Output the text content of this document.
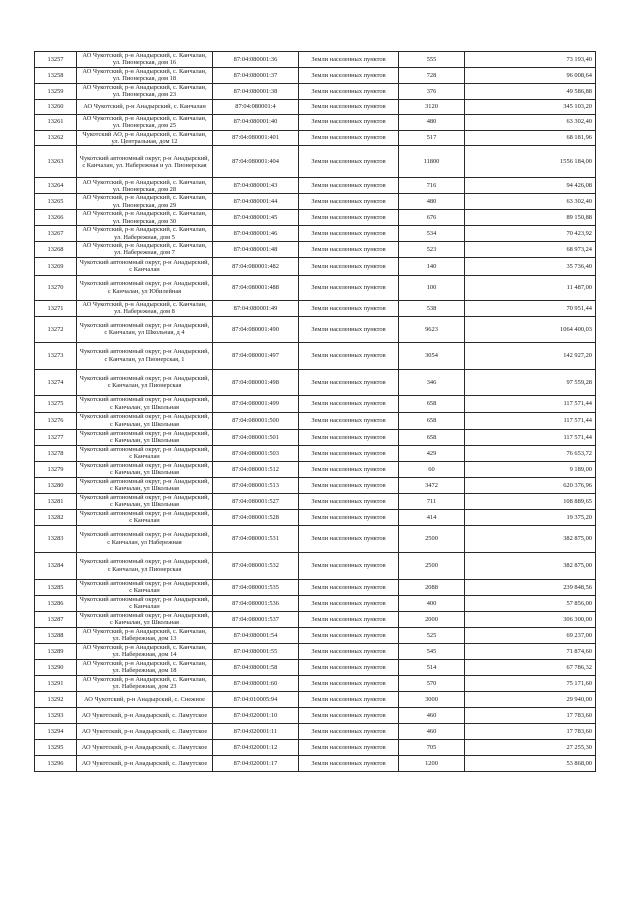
13257	АО Чукотский, р-н Анадырский, с. Канчалан, ул. Пионерская, дом 16	87:04:080001:36	Земли населенных пунктов	555	73 193,40
13258	АО Чукотский, р-н Анадырский, с. Канчалан, ул. Пионерская, дом 18	87:04:080001:37	Земли населенных пунктов	728	96 008,64
13259	АО Чукотский, р-н Анадырский, с. Канчалан, ул. Пионерская, дом 23	87:04:080001:38	Земли населенных пунктов	376	49 586,88
13260	АО Чукотский, р-н Анадырский, с. Канчалан	87:04:080001:4	Земли населенных пунктов	3120	345 103,20
13261	АО Чукотский, р-н Анадырский, с. Канчалан, ул. Пионерская, дом 25	87:04:080001:40	Земли населенных пунктов	480	63 302,40
13262	Чукотский АО, р-н Анадырский, с. Канчалан, ул. Центральная, дом 12	87:04:080001:401	Земли населенных пунктов	517	68 181,96
13263	Чукотский автономный округ, р-н Анадырский, с Канчалан, ул. Набережная и ул. Пионерская	87:04:080001:404	Земли населенных пунктов	11800	1556 184,00
13264	АО Чукотский, р-н Анадырский, с. Канчалан, ул. Пионерская, дом 28	87:04:080001:43	Земли населенных пунктов	716	94 426,08
13265	АО Чукотский, р-н Анадырский, с. Канчалан, ул. Пионерская, дом 29	87:04:080001:44	Земли населенных пунктов	480	63 302,40
13266	АО Чукотский, р-н Анадырский, с. Канчалан, ул. Пионерская, дом 30	87:04:080001:45	Земли населенных пунктов	676	89 150,88
13267	АО Чукотский, р-н Анадырский, с. Канчалан, ул. Набережная, дом 5	87:04:080001:46	Земли населенных пунктов	534	70 423,92
13268	АО Чукотский, р-н Анадырский, с. Канчалан, ул. Набережная, дом 7	87:04:080001:48	Земли населенных пунктов	523	68 973,24
13269	Чукотский автономный округ, р-н Анадырский, с Канчалан	87:04:080001:482	Земли населенных пунктов	140	35 736,40
13270	Чукотский автономный округ, р-н Анадырский, с Канчалан, ул Юбилейная	87:04:080001:488	Земли населенных пунктов	100	11 487,00
13271	АО Чукотский, р-н Анадырский, с. Канчалан, ул. Набережная, дом 8	87:04:080001:49	Земли населенных пунктов	538	70 951,44
13272	Чукотский автономный округ, р-н Анадырский, с Канчалан, ул Школьная, д 4	87:04:080001:490	Земли населенных пунктов	9623	1064 400,03
13273	Чукотский автономный округ, р-н Анадырский, с Канчалан, ул Пионерская, 1	87:04:080001:497	Земли населенных пунктов	3054	142 927,20
13274	Чукотский автономный округ, р-н Анадырский, с Канчалан, ул Пионерская	87:04:080001:498	Земли населенных пунктов	346	97 559,28
13275	Чукотский автономный округ, р-н Анадырский, с Канчалан, ул Школьная	87:04:080001:499	Земли населенных пунктов	658	117 571,44
13276	Чукотский автономный округ, р-н Анадырский, с Канчалан, ул Школьная	87:04:080001:500	Земли населенных пунктов	658	117 571,44
13277	Чукотский автономный округ, р-н Анадырский, с Канчалан, ул Школьная	87:04:080001:501	Земли населенных пунктов	658	117 571,44
13278	Чукотский автономный округ, р-н Анадырский, с Канчалан	87:04:080001:503	Земли населенных пунктов	429	76 653,72
13279	Чукотский автономный округ, р-н Анадырский, с Канчалан, ул Школьная	87:04:080001:512	Земли населенных пунктов	60	9 189,00
13280	Чукотский автономный округ, р-н Анадырский, с Канчалан, ул Школьная	87:04:080001:513	Земли населенных пунктов	3472	620 376,96
13281	Чукотский автономный округ, р-н Анадырский, с Канчалан, ул Школьная	87:04:080001:527	Земли населенных пунктов	711	108 889,65
13282	Чукотский автономный округ, р-н Анадырский, с Канчалан	87:04:080001:528	Земли населенных пунктов	414	19 375,20
13283	Чукотский автономный округ, р-н Анадырский, с Канчалан, ул Набережная	87:04:080001:531	Земли населенных пунктов	2500	382 875,00
13284	Чукотский автономный округ, р-н Анадырский, с Канчалан, ул Пионерская	87:04:080001:532	Земли населенных пунктов	2500	382 875,00
13285	Чукотский автономный округ, р-н Анадырский, с Канчалан	87:04:080001:535	Земли населенных пунктов	2088	239 848,56
13286	Чукотский автономный округ, р-н Анадырский, с Канчалан	87:04:080001:536	Земли населенных пунктов	400	57 856,00
13287	Чукотский автономный округ, р-н Анадырский, с Канчалан, ул Школьная	87:04:080001:537	Земли населенных пунктов	2000	306 300,00
13288	АО Чукотский, р-н Анадырский, с. Канчалан, ул. Набережная, дом 13	87:04:080001:54	Земли населенных пунктов	525	69 237,00
13289	АО Чукотский, р-н Анадырский, с. Канчалан, ул. Набережная, дом 14	87:04:080001:55	Земли населенных пунктов	545	71 874,60
13290	АО Чукотский, р-н Анадырский, с. Канчалан, ул. Набережная, дом 18	87:04:080001:58	Земли населенных пунктов	514	67 786,32
13291	АО Чукотский, р-н Анадырский, с. Канчалан, ул. Набережная, дом 23	87:04:080001:60	Земли населенных пунктов	570	75 171,60
13292	АО Чукотский, р-н Анадырский, с. Снежное	87:04:010005:94	Земли населенных пунктов	3000	29 940,00
13293	АО Чукотский, р-н Анадырский, с. Ламутское	87:04:020001:10	Земли населенных пунктов	460	17 783,60
13294	АО Чукотский, р-н Анадырский, с. Ламутское	87:04:020001:11	Земли населенных пунктов	460	17 783,60
13295	АО Чукотский, р-н Анадырский, с. Ламутское	87:04:020001:12	Земли населенных пунктов	705	27 255,30
13296	АО Чукотский, р-н Анадырский, с. Ламутское	87:04:020001:17	Земли населенных пунктов	1200	53 868,00
